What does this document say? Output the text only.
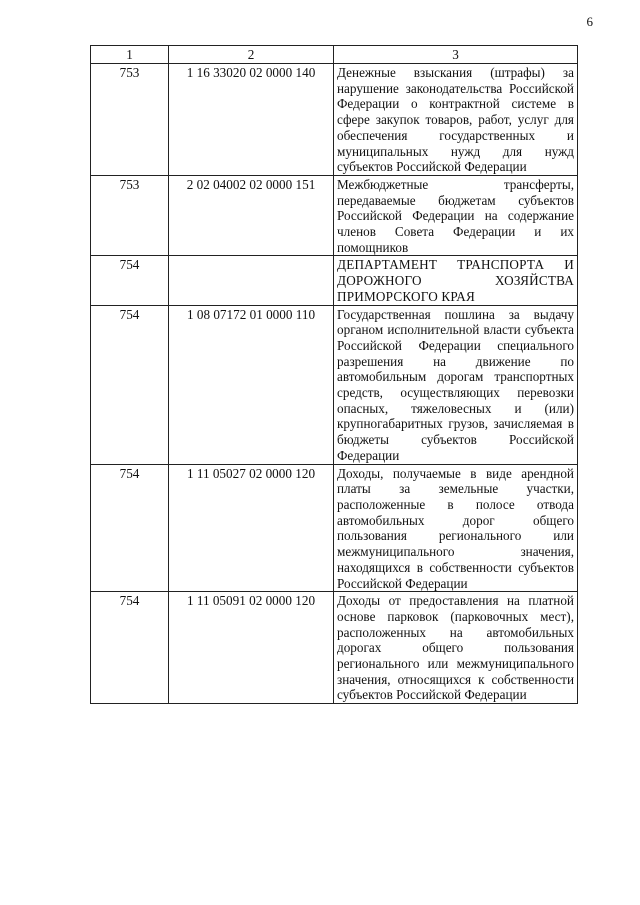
6
1	2	3
753	1 16 33020 02 0000 140	Денежные взыскания (штрафы) за нарушение законодательства Российской Федерации о контрактной системе в сфере закупок товаров, работ, услуг для обеспечения государственных и муниципальных нужд для нужд субъектов Российской Федерации
753	2 02 04002 02 0000 151	Межбюджетные трансферты, передаваемые бюджетам субъектов Российской Федерации на содержание членов Совета Федерации и их помощников
754		ДЕПАРТАМЕНТ ТРАНСПОРТА И ДОРОЖНОГО ХОЗЯЙСТВА ПРИМОРСКОГО КРАЯ
754	1 08 07172 01 0000 110	Государственная пошлина за выдачу органом исполнительной власти субъекта Российской Федерации специального разрешения на движение по автомобильным дорогам транспортных средств, осуществляющих перевозки опасных, тяжеловесных и (или) крупногабаритных грузов, зачисляемая в бюджеты субъектов Российской Федерации
754	1 11 05027 02 0000 120	Доходы, получаемые в виде арендной платы за земельные участки, расположенные в полосе отвода автомобильных дорог общего пользования регионального или межмуниципального значения, находящихся в собственности субъектов Российской Федерации
754	1 11 05091 02 0000 120	Доходы от предоставления на платной основе парковок (парковочных мест), расположенных на автомобильных дорогах общего пользования регионального или межмуниципального значения, относящихся к собственности субъектов Российской Федерации
